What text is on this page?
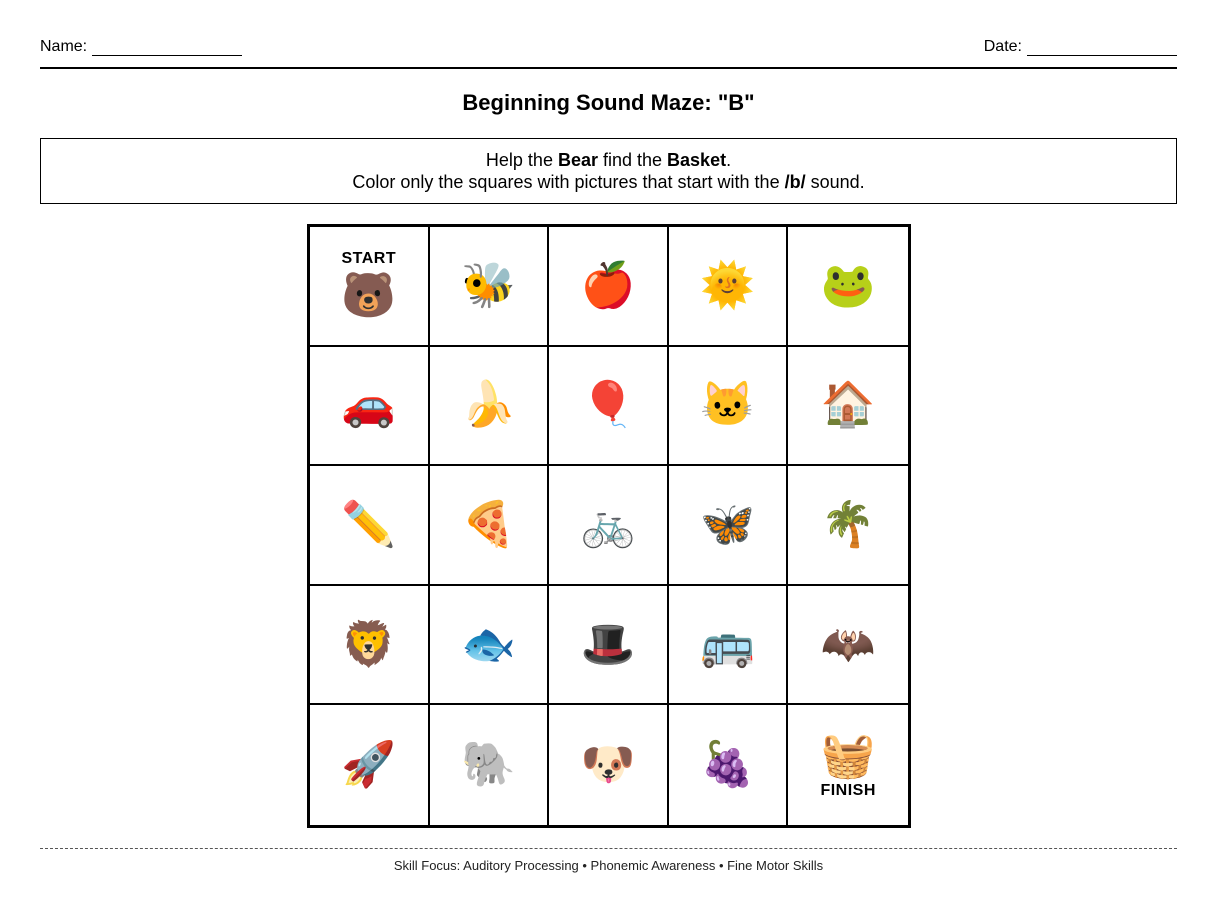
Name:	Date:
Beginning Sound Maze: "B"
Help the Bear find the Basket.
Color only the squares with pictures that start with the /b/ sound.
START
🐻 🐝 🍎 🌞 🐸
🚗 🍌 🎈 🐱 🏠
✏️ 🍕 🚲 🦋 🌴
🦁 🐟 🎩 🚌 🦇
🚀 🐘 🐶 🍇 🧺
FINISH
Skill Focus: Auditory Processing • Phonemic Awareness • Fine Motor Skills
